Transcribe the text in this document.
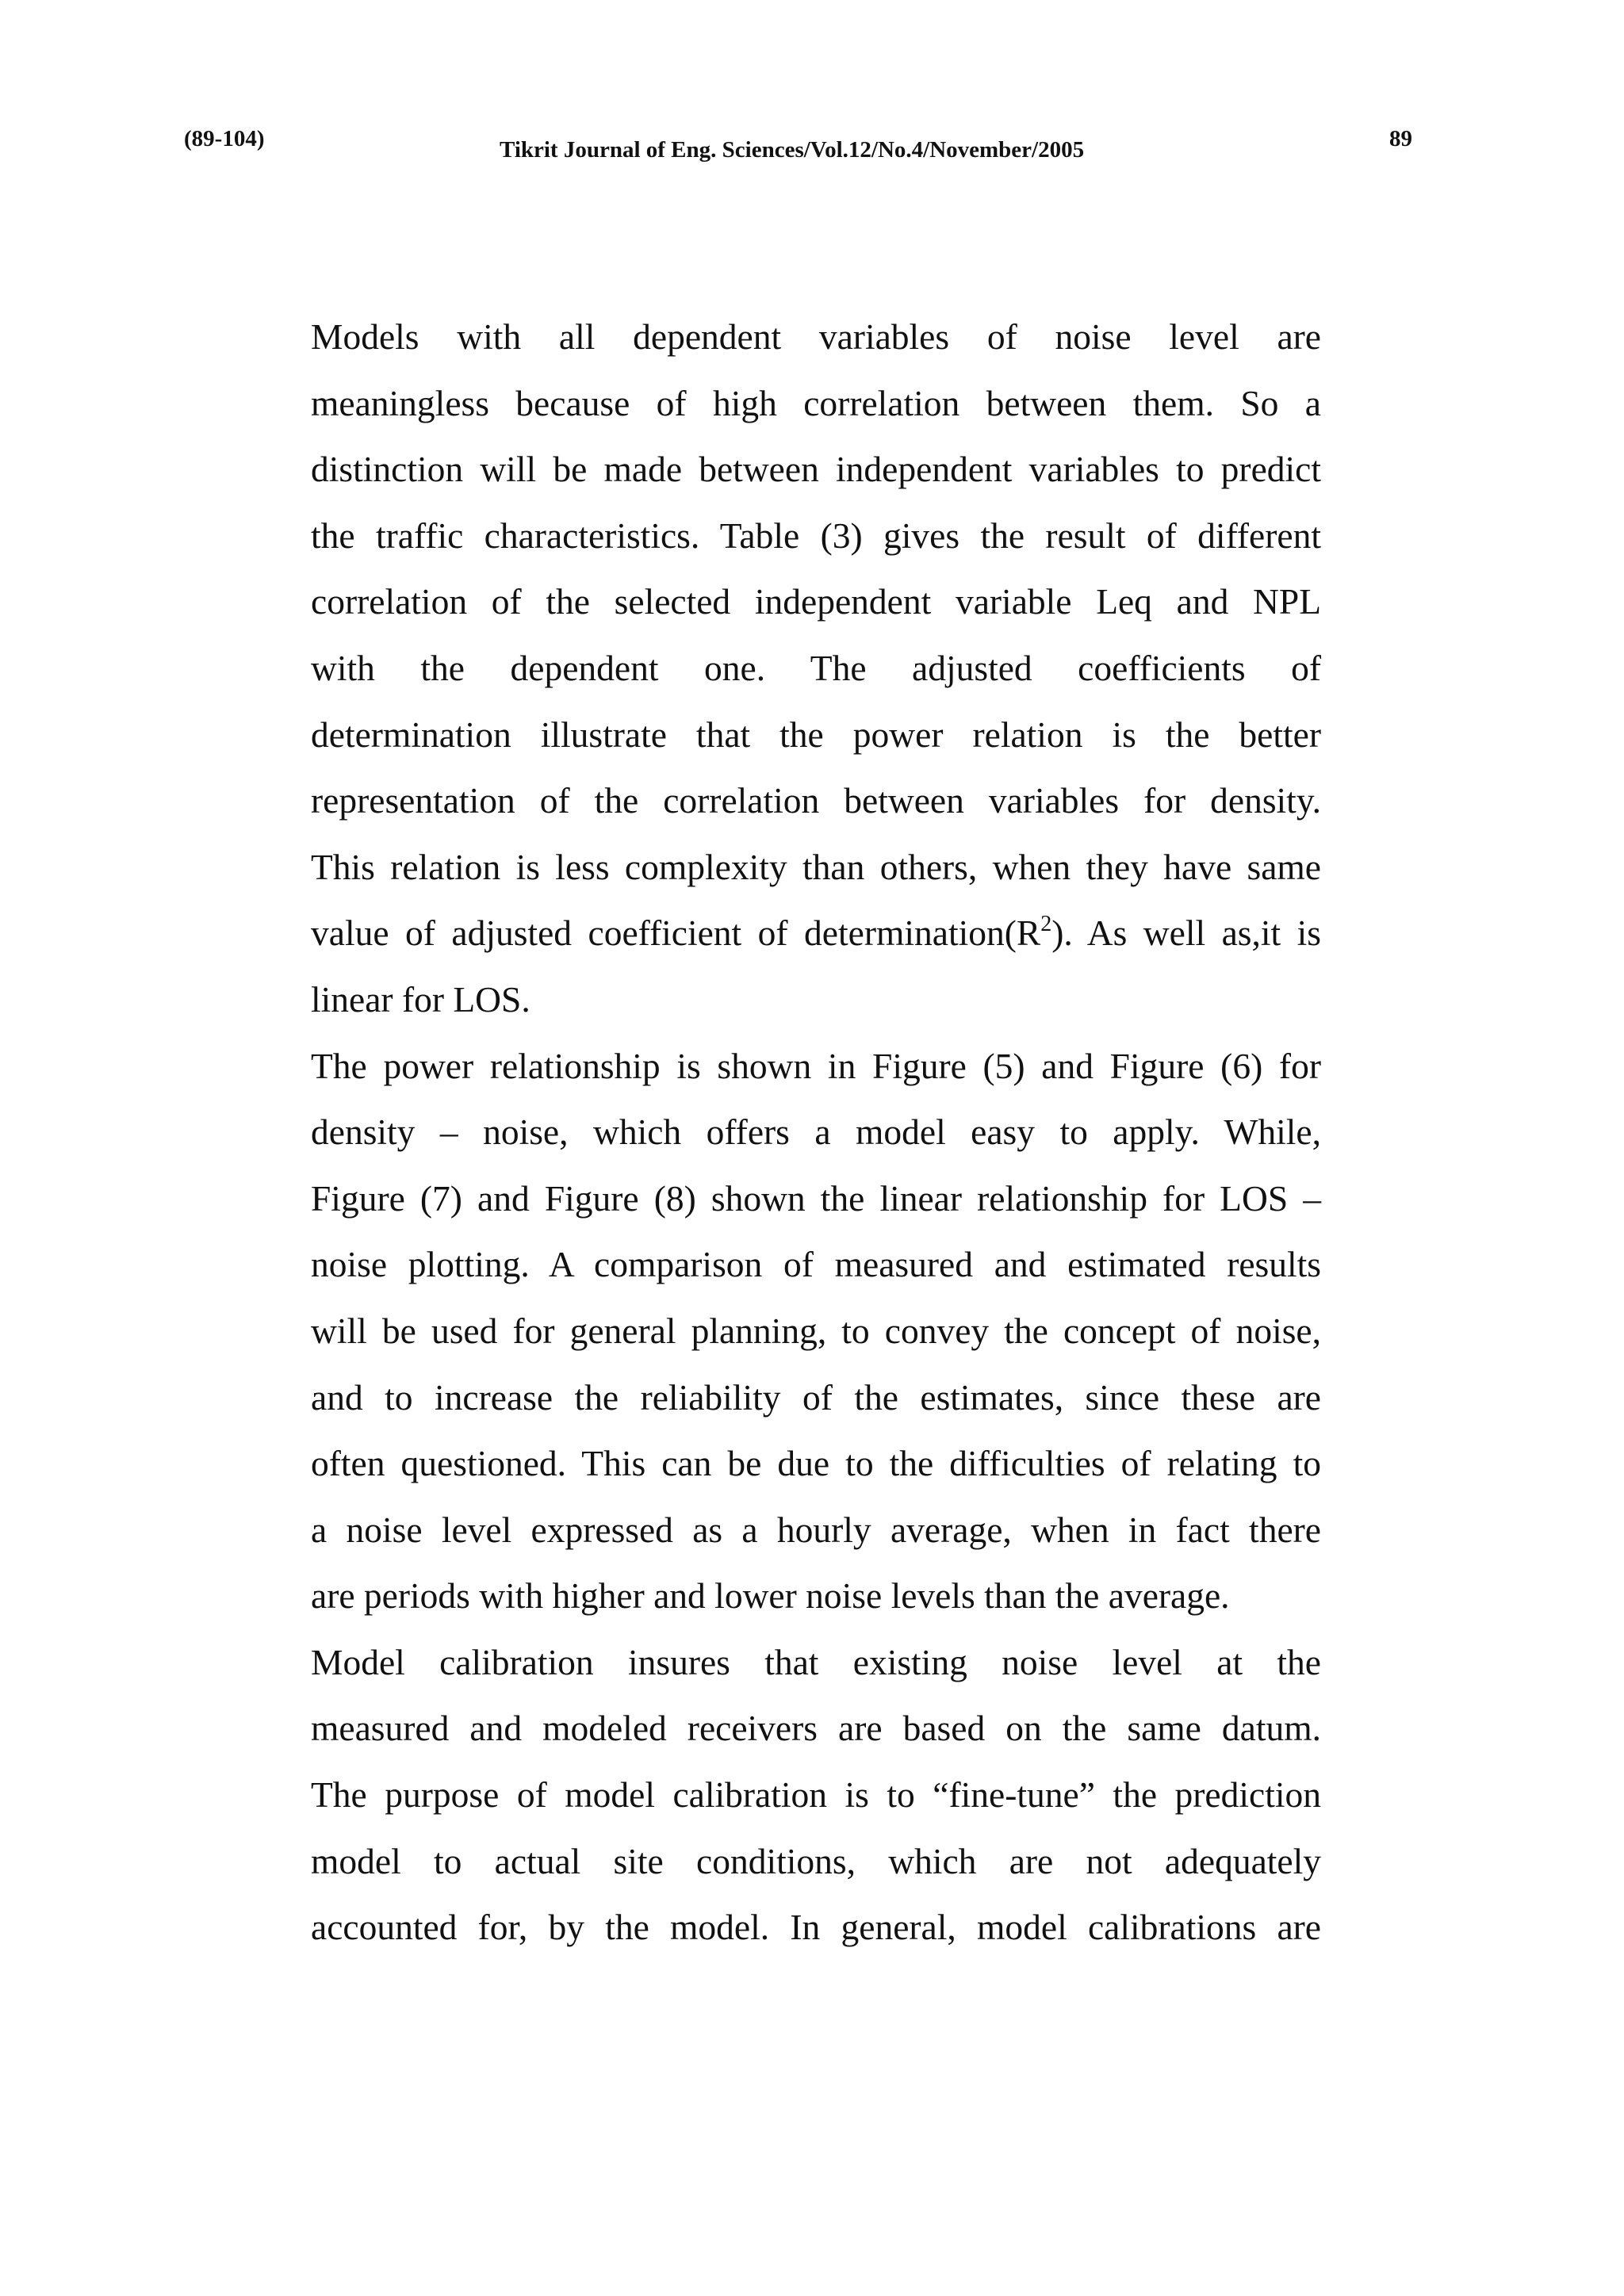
(89-104)	Tikrit Journal of Eng. Sciences/Vol.12/No.4/November/2005	89

Models with all dependent variables of noise level are

meaningless because of high correlation between them. So a

distinction will be made between independent variables to predict

the traffic characteristics. Table (3) gives the result of different

correlation of the selected independent variable Leq and NPL

with the dependent one. The adjusted coefficients of

determination illustrate that the power relation is the better

representation of the correlation between variables for density.

This relation is less complexity than others, when they have same

value of adjusted coefficient of $determination(R^2)$. As well as,it is

linear for LOS.

The power relationship is shown in Figure (5) and Figure (6) for

density – noise, which offers a model easy to apply. While,

Figure (7) and Figure (8) shown the linear relationship for LOS –

noise plotting. A comparison of measured and estimated results

will be used for general planning, to convey the concept of noise,

and to increase the reliability of the estimates, since these are

often questioned. This can be due to the difficulties of relating to

a noise level expressed as a hourly average, when in fact there

are periods with higher and lower noise levels than the average.

Model calibration insures that existing noise level at the

measured and modeled receivers are based on the same datum.

The purpose of model calibration is to “fine-tune” the prediction

model to actual site conditions, which are not adequately

accounted for, by the model. In general, model calibrations are
